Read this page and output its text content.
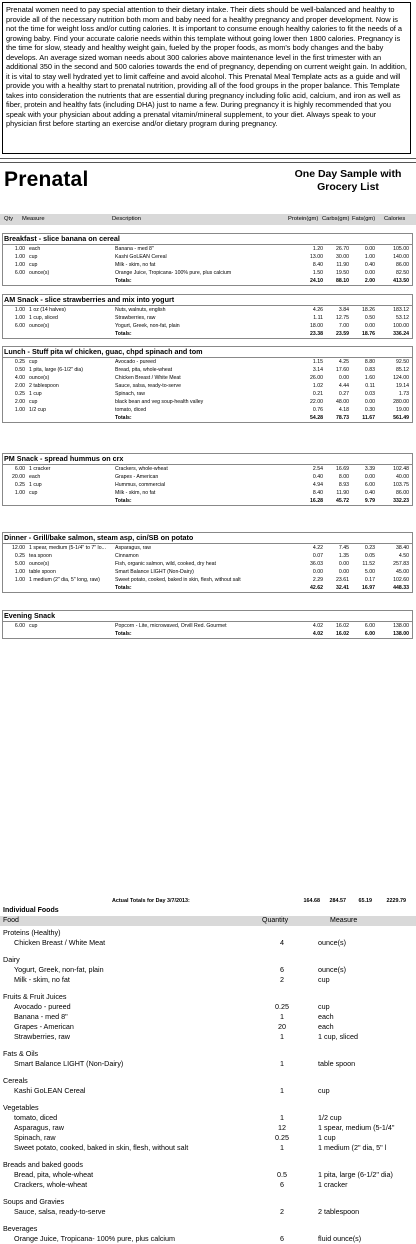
Prenatal women need to pay special attention to their dietary intake. Their diets should be well-balanced and healthy to provide all of the necessary nutrition both mom and baby need for a healthy pregnancy and proper development. Now is not the time for weight loss and/or cutting calories. It is important to consume enough healthy calories to fit the needs of a growing baby. Find your accurate calorie needs within this template without going lower then 1800 calories. Pregnancy is the time for slow, steady and healthy weight gain, fueled by the proper foods, as mom's body changes and the baby develops. An average sized woman needs about 300 calories above maintenance level in the first trimester with an additional 350 in the second and 500 calories towards the end of pregnancy, depending on current weight gain. In addition, it is vital to stay well hydrated yet to limit caffeine and avoid alcohol. This Prenatal Meal Template acts as a guide and will provide you with a healthy start to prenatal nutrition, providing all of the food groups in the proper balance. This Template takes into consideration the nutrients that are essential during pregnancy including folic acid, calcium, and iron as well as fiber, protein and healthy fats (including DHA) just to name a few. During pregnancy it is highly recommended that you speak with your physician about adding a prenatal vitamin/mineral supplement, to your diet. Always speak to your physician first before starting an exercise and/or dietary program during pregnancy.
Prenatal	One Day Sample with Grocery List
Qty Measure	Description	Protein(gm) Carbs(gm) Fats(gm) Calories
Breakfast - slice banana on cereal
1.00 each	Banana - med 8"	1.20	26.70	0.00	105.00
1.00 cup	Kashi GoLEAN Cereal	13.00	30.00	1.00	140.00
1.00 cup	Milk - skim, no fat	8.40	11.90	0.40	86.00
6.00 ounce(s)	Orange Juice, Tropicana- 100% pure, plus calcium	1.50	19.50	0.00	82.50
Totals:	24.10	88.10	2.00	413.50
AM Snack - slice strawberries and mix into yogurt
1.00 1 oz (14 halves)	Nuts, walnuts, english	4.26	3.84	18.26	183.12
1.00 1 cup, sliced	Strawberries, raw	1.11	12.75	0.50	53.12
6.00 ounce(s)	Yogurt, Greek, non-fat, plain	18.00	7.00	0.00	100.00
Totals:	23.38	23.59	18.76	336.24
Lunch - Stuff pita w/ chicken, guac, chpd spinach and tom
0.25 cup	Avocado - pureed	1.15	4.25	8.80	92.50
0.50 1 pita, large (6-1/2" dia)	Bread, pita, whole-wheat	3.14	17.60	0.83	85.12
4.00 ounce(s)	Chicken Breast / White Meat	26.00	0.00	1.60	124.00
2.00 2 tablespoon	Sauce, salsa, ready-to-serve	1.02	4.44	0.11	19.14
0.25 1 cup	Spinach, raw	0.21	0.27	0.03	1.73
2.00 cup	black bean and veg soup-health valley	22.00	48.00	0.00	280.00
1.00 1/2 cup	tomato, diced	0.76	4.18	0.30	19.00
Totals:	54.28	78.73	11.67	561.49
PM Snack - spread hummus on crx
6.00 1 cracker	Crackers, whole-wheat	2.54	16.69	3.39	102.48
20.00 each	Grapes - American	0.40	8.00	0.00	40.00
0.25 1 cup	Hummus, commercial	4.94	8.93	6.00	103.75
1.00 cup	Milk - skim, no fat	8.40	11.90	0.40	86.00
Totals:	16.28	45.72	9.79	332.23
Dinner - Grill/bake salmon, steam asp, cin/SB on potato
12.00 1 spear, medium (5-1/4" to 7" lo...	Asparagus, raw	4.22	7.45	0.23	38.40
0.25 tea spoon	Cinnamon	0.07	1.35	0.05	4.50
5.00 ounce(s)	Fish, organic salmon, wild, cooked, dry heat	36.03	0.00	11.52	257.83
1.00 table spoon	Smart Balance LIGHT (Non-Dairy)	0.00	0.00	5.00	45.00
1.00 1 medium (2" dia, 5" long, raw)	Sweet potato, cooked, baked in skin, flesh, without salt	2.29	23.61	0.17	102.60
Totals:	42.62	32.41	16.97	448.33
Evening Snack
6.00 cup	Popcorn - Lite, microwaved, Orvill Red. Gourmet	4.02	16.02	6.00	138.00
Totals:	4.02	16.02	6.00	138.00
Actual Totals for Day 3/7/2013:	164.68	284.57	65.19	2229.79
Individual Foods
Food	Quantity	Measure
Proteins (Healthy)
Chicken Breast / White Meat	4	ounce(s)
Dairy
Yogurt, Greek, non-fat, plain	6	ounce(s)
Milk - skim, no fat	2	cup
Fruits & Fruit Juices
Avocado - pureed	0.25	cup
Banana - med 8"	1	each
Grapes - American	20	each
Strawberries, raw	1	1 cup, sliced
Fats & Oils
Smart Balance LIGHT (Non-Dairy)	1	table spoon
Cereals
Kashi GoLEAN Cereal	1	cup
Vegetables
tomato, diced	1	1/2 cup
Asparagus, raw	12	1 spear, medium (5-1/4"
Spinach, raw	0.25	1 cup
Sweet potato, cooked, baked in skin, flesh, without salt	1	1 medium (2" dia, 5" l
Breads and baked goods
Bread, pita, whole-wheat	0.5	1 pita, large (6-1/2" dia)
Crackers, whole-wheat	6	1 cracker
Soups and Gravies
Sauce, salsa, ready-to-serve	2	2 tablespoon
Beverages
Orange Juice, Tropicana- 100% pure, plus calcium	6	fluid ounce(s)
